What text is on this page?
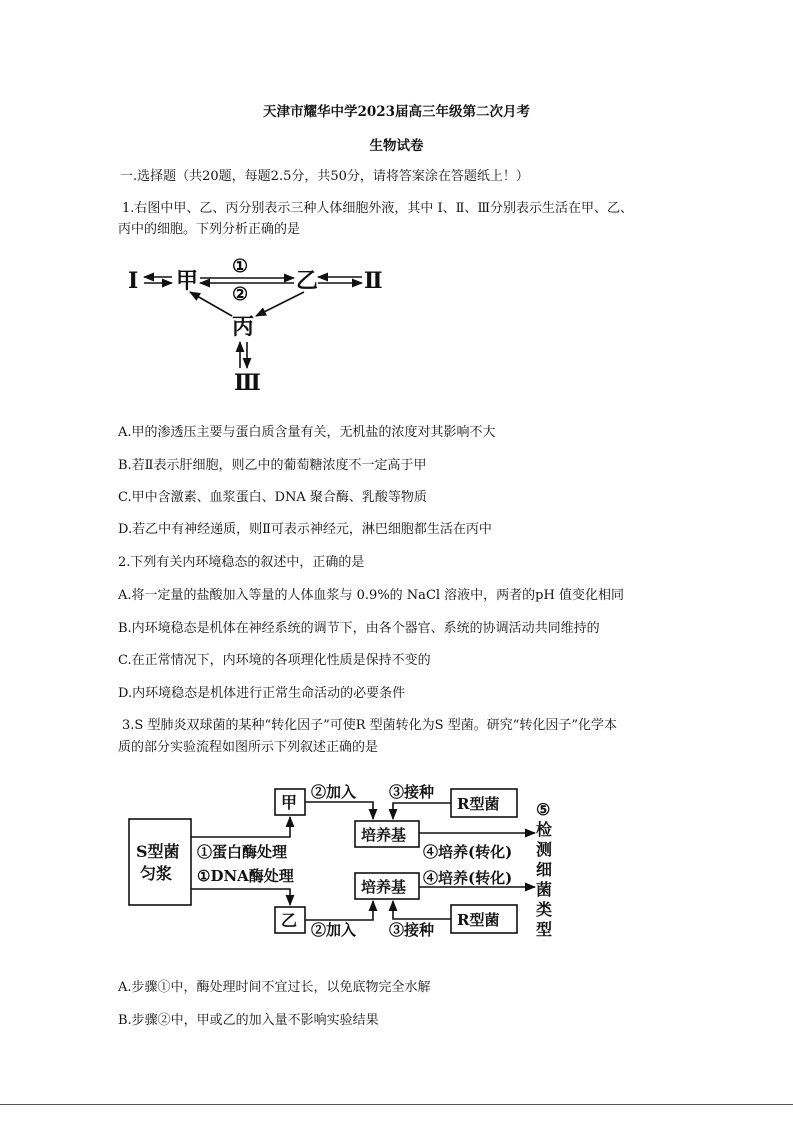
天津市耀华中学2023届高三年级第二次月考
生物试卷
一.选择题（共20题，每题2.5分，共50分，请将答案涂在答题纸上！）
1.右图中甲、乙、丙分别表示三种人体细胞外液，其中 I、Ⅱ、Ⅲ分别表示生活在甲、乙、
丙中的细胞。下列分析正确的是
I 甲	乙 Ⅱ
丙
Ⅲ
①
②
A.甲的渗透压主要与蛋白质含量有关，无机盐的浓度对其影响不大
B.若Ⅱ表示肝细胞，则乙中的葡萄糖浓度不一定高于甲
C.甲中含激素、血浆蛋白、DNA 聚合酶、乳酸等物质
D.若乙中有神经递质，则Ⅱ可表示神经元，淋巴细胞都生活在丙中
2.下列有关内环境稳态的叙述中，正确的是
A.将一定量的盐酸加入等量的人体血浆与 0.9%的 NaCl 溶液中，两者的pH 值变化相同
B.内环境稳态是机体在神经系统的调节下，由各个器官、系统的协调活动共同维持的
C.在正常情况下，内环境的各项理化性质是保持不变的
D.内环境稳态是机体进行正常生命活动的必要条件
3.S 型肺炎双球菌的某种“转化因子”可使R 型菌转化为S 型菌。研究“转化因子”化学本
质的部分实验流程如图所示下列叙述正确的是
S型菌
匀浆
①蛋白酶处理
①DNA酶处理
甲
乙
②加入
②加入
培养基
培养基
③接种
③接种
R型菌
R型菌
④培养(转化)
④培养(转化)
⑤
检
测
细
菌
类
型
A.步骤①中，酶处理时间不宜过长，以免底物完全水解
B.步骤②中，甲或乙的加入量不影响实验结果
